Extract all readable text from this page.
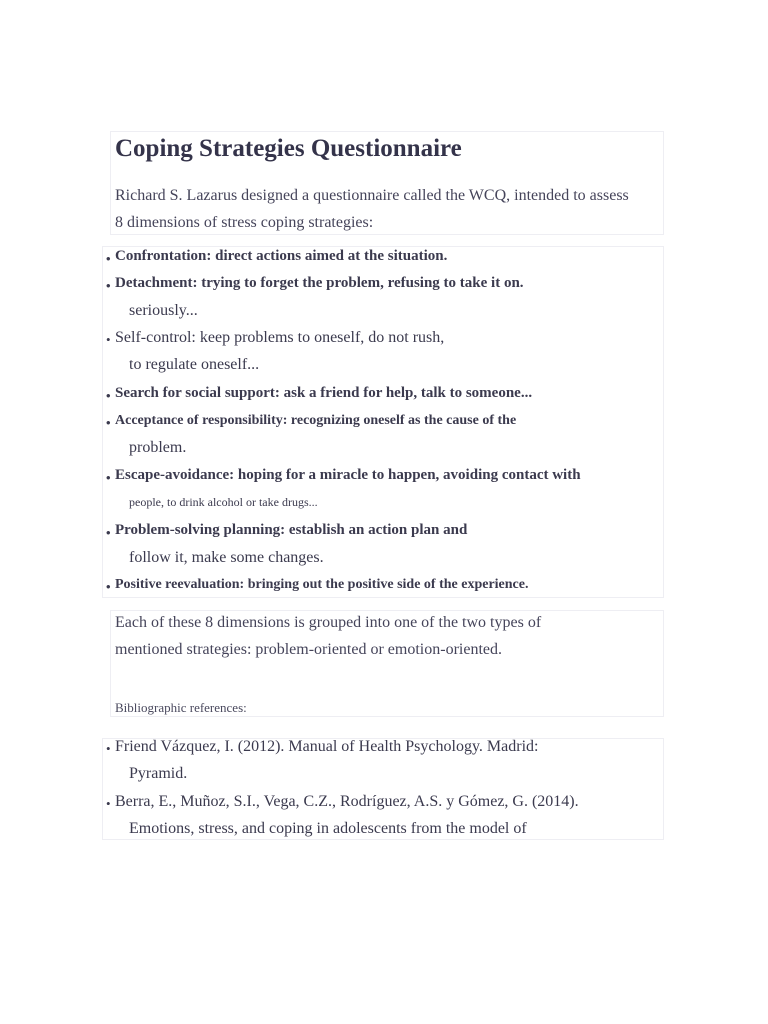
Coping Strategies Questionnaire
Richard S. Lazarus designed a questionnaire called the WCQ, intended to assess
8 dimensions of stress coping strategies:
• Confrontation: direct actions aimed at the situation.
• Detachment: trying to forget the problem, refusing to take it on.
seriously...
• Self-control: keep problems to oneself, do not rush,
to regulate oneself...
• Search for social support: ask a friend for help, talk to someone...
• Acceptance of responsibility: recognizing oneself as the cause of the
problem.
• Escape-avoidance: hoping for a miracle to happen, avoiding contact with
people, to drink alcohol or take drugs...
• Problem-solving planning: establish an action plan and
follow it, make some changes.
• Positive reevaluation: bringing out the positive side of the experience.
Each of these 8 dimensions is grouped into one of the two types of
mentioned strategies: problem-oriented or emotion-oriented.
Bibliographic references:
• Friend Vázquez, I. (2012). Manual of Health Psychology. Madrid:
Pyramid.
• Berra, E., Muñoz, S.I., Vega, C.Z., Rodríguez, A.S. y Gómez, G. (2014).
Emotions, stress, and coping in adolescents from the model of
